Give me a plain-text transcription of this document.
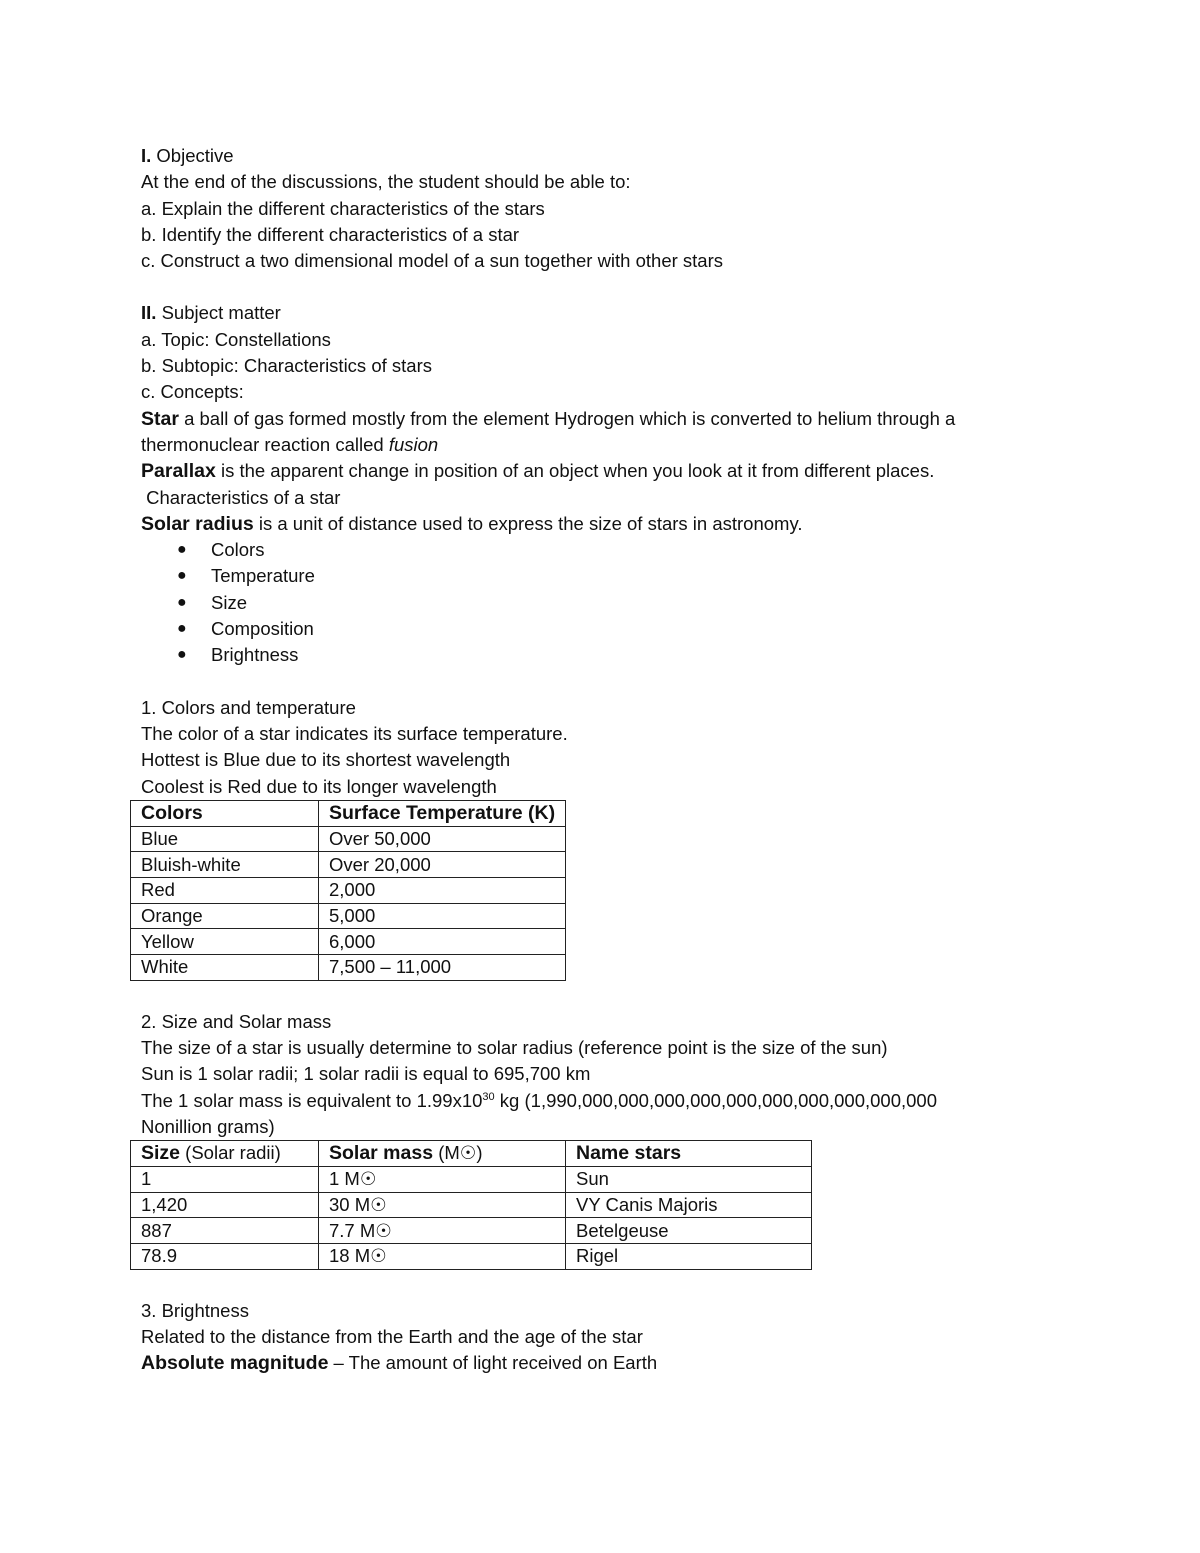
I. Objective
At the end of the discussions, the student should be able to:
a. Explain the different characteristics of the stars
b. Identify the different characteristics of a star
c. Construct a two dimensional model of a sun together with other stars
II. Subject matter
a. Topic: Constellations
b. Subtopic: Characteristics of stars
c. Concepts:
Star a ball of gas formed mostly from the element Hydrogen which is converted to helium through a
thermonuclear reaction called fusion
Parallax is the apparent change in position of an object when you look at it from different places.
Characteristics of a star
Solar radius is a unit of distance used to express the size of stars in astronomy.
● Colors
● Temperature
● Size
● Composition
● Brightness
1. Colors and temperature
The color of a star indicates its surface temperature.
Hottest is Blue due to its shortest wavelength
Coolest is Red due to its longer wavelength
Colors	Surface Temperature (K)
Blue	Over 50,000
Bluish-white	Over 20,000
Red	2,000
Orange	5,000
Yellow	6,000
White	7,500 – 11,000
2. Size and Solar mass
The size of a star is usually determine to solar radius (reference point is the size of the sun)
Sun is 1 solar radii; 1 solar radii is equal to 695,700 km
The 1 solar mass is equivalent to $1.99x10^{30}$ kg (1,990,000,000,000,000,000,000,000,000,000,000
Nonillion grams)
Size (Solar radii)	Solar mass (M☉)	Name stars
1	1 M☉	Sun
1,420	30 M☉	VY Canis Majoris
887	7.7 M☉	Betelgeuse
78.9	18 M☉	Rigel
3. Brightness
Related to the distance from the Earth and the age of the star
Absolute magnitude – The amount of light received on Earth
